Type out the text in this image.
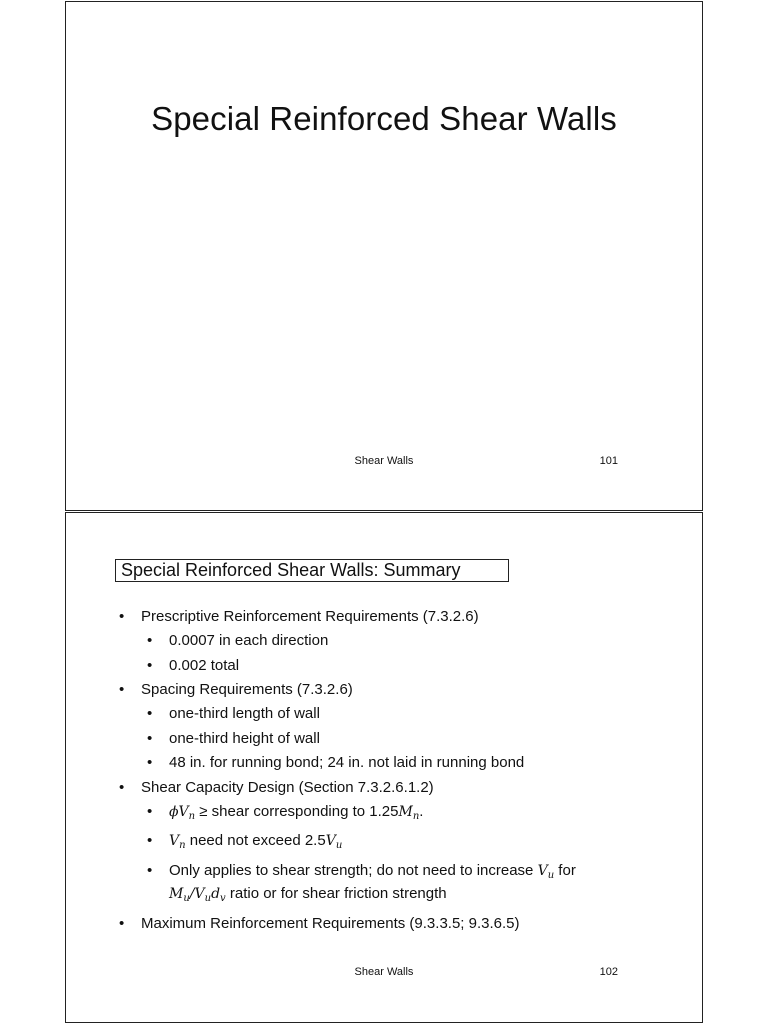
Special Reinforced Shear Walls
Shear Walls	101
Special Reinforced Shear Walls: Summary
• Prescriptive Reinforcement Requirements (7.3.2.6)
• 0.0007 in each direction
• 0.002 total
• Spacing Requirements (7.3.2.6)
• one-third length of wall
• one-third height of wall
• 48 in. for running bond; 24 in. not laid in running bond
• Shear Capacity Design (Section 7.3.2.6.1.2)
• $\phi V_n$ ≥ shear corresponding to $1.25M_n$.
• $V_n$ need not exceed $2.5V_u$
• Only applies to shear strength; do not need to increase $V_u$ for
$M_u/V_ud_v$ ratio or for shear friction strength
• Maximum Reinforcement Requirements (9.3.3.5; 9.3.6.5)
Shear Walls	102
